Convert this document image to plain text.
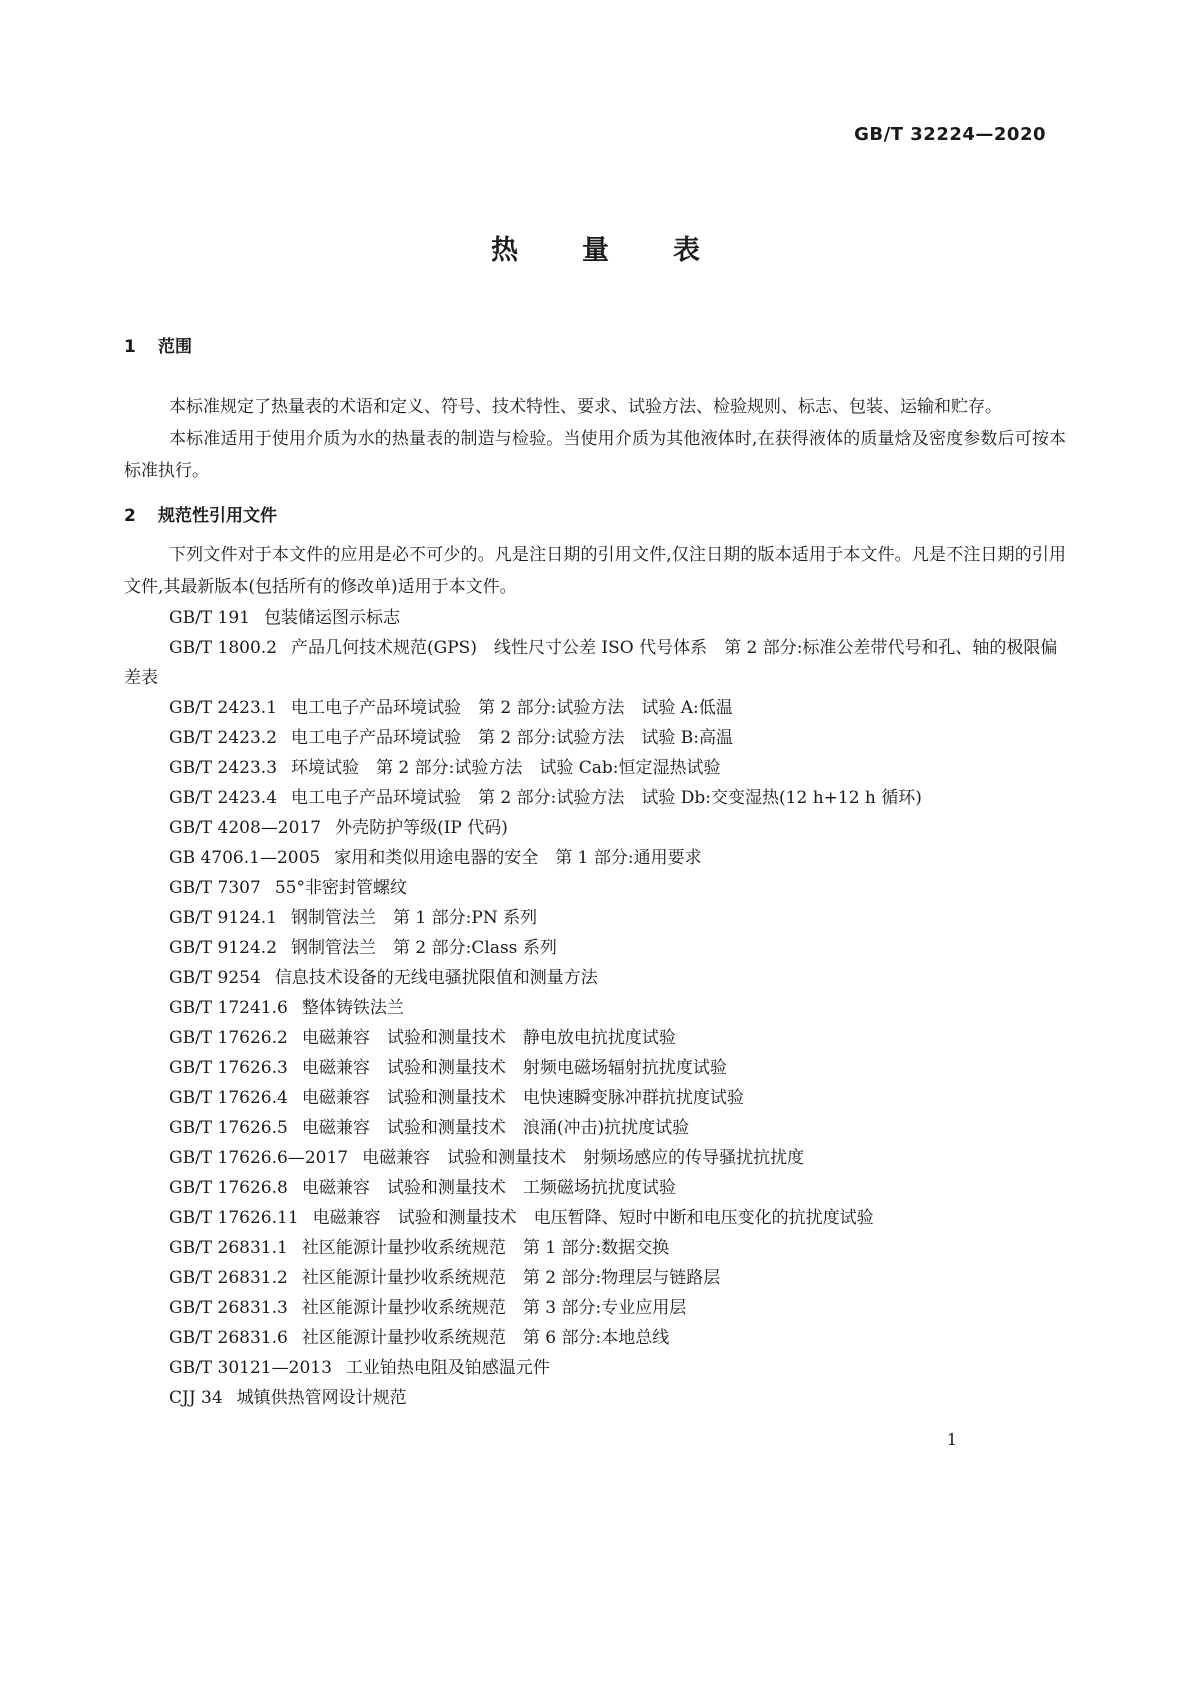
GB/T 32224—2020
热量表
1 范围

本标准规定了热量表的术语和定义、符号、技术特性、要求、试验方法、检验规则、标志、包装、运输和贮存。

本标准适用于使用介质为水的热量表的制造与检验。当使用介质为其他液体时,在获得液体的质量焓及密度参数后可按本标准执行。

2 规范性引用文件

下列文件对于本文件的应用是必不可少的。凡是注日期的引用文件,仅注日期的版本适用于本文件。凡是不注日期的引用文件,其最新版本(包括所有的修改单)适用于本文件。

GB/T 191 包装储运图示标志
GB/T 1800.2 产品几何技术规范(GPS)　线性尺寸公差 ISO 代号体系　第 2 部分:标准公差带代号和孔、轴的极限偏差表
GB/T 2423.1 电工电子产品环境试验　第 2 部分:试验方法　试验 A:低温
GB/T 2423.2 电工电子产品环境试验　第 2 部分:试验方法　试验 B:高温
GB/T 2423.3 环境试验　第 2 部分:试验方法　试验 Cab:恒定湿热试验
GB/T 2423.4 电工电子产品环境试验　第 2 部分:试验方法　试验 Db:交变湿热(12 h+12 h 循环)
GB/T 4208—2017 外壳防护等级(IP 代码)
GB 4706.1—2005 家用和类似用途电器的安全　第 1 部分:通用要求
GB/T 7307 55°非密封管螺纹
GB/T 9124.1 钢制管法兰　第 1 部分:PN 系列
GB/T 9124.2 钢制管法兰　第 2 部分:Class 系列
GB/T 9254 信息技术设备的无线电骚扰限值和测量方法
GB/T 17241.6 整体铸铁法兰
GB/T 17626.2 电磁兼容　试验和测量技术　静电放电抗扰度试验
GB/T 17626.3 电磁兼容　试验和测量技术　射频电磁场辐射抗扰度试验
GB/T 17626.4 电磁兼容　试验和测量技术　电快速瞬变脉冲群抗扰度试验
GB/T 17626.5 电磁兼容　试验和测量技术　浪涌(冲击)抗扰度试验
GB/T 17626.6—2017 电磁兼容　试验和测量技术　射频场感应的传导骚扰抗扰度
GB/T 17626.8 电磁兼容　试验和测量技术　工频磁场抗扰度试验
GB/T 17626.11 电磁兼容　试验和测量技术　电压暂降、短时中断和电压变化的抗扰度试验
GB/T 26831.1 社区能源计量抄收系统规范　第 1 部分:数据交换
GB/T 26831.2 社区能源计量抄收系统规范　第 2 部分:物理层与链路层
GB/T 26831.3 社区能源计量抄收系统规范　第 3 部分:专业应用层
GB/T 26831.6 社区能源计量抄收系统规范　第 6 部分:本地总线
GB/T 30121—2013 工业铂热电阻及铂感温元件
CJJ 34 城镇供热管网设计规范
1
